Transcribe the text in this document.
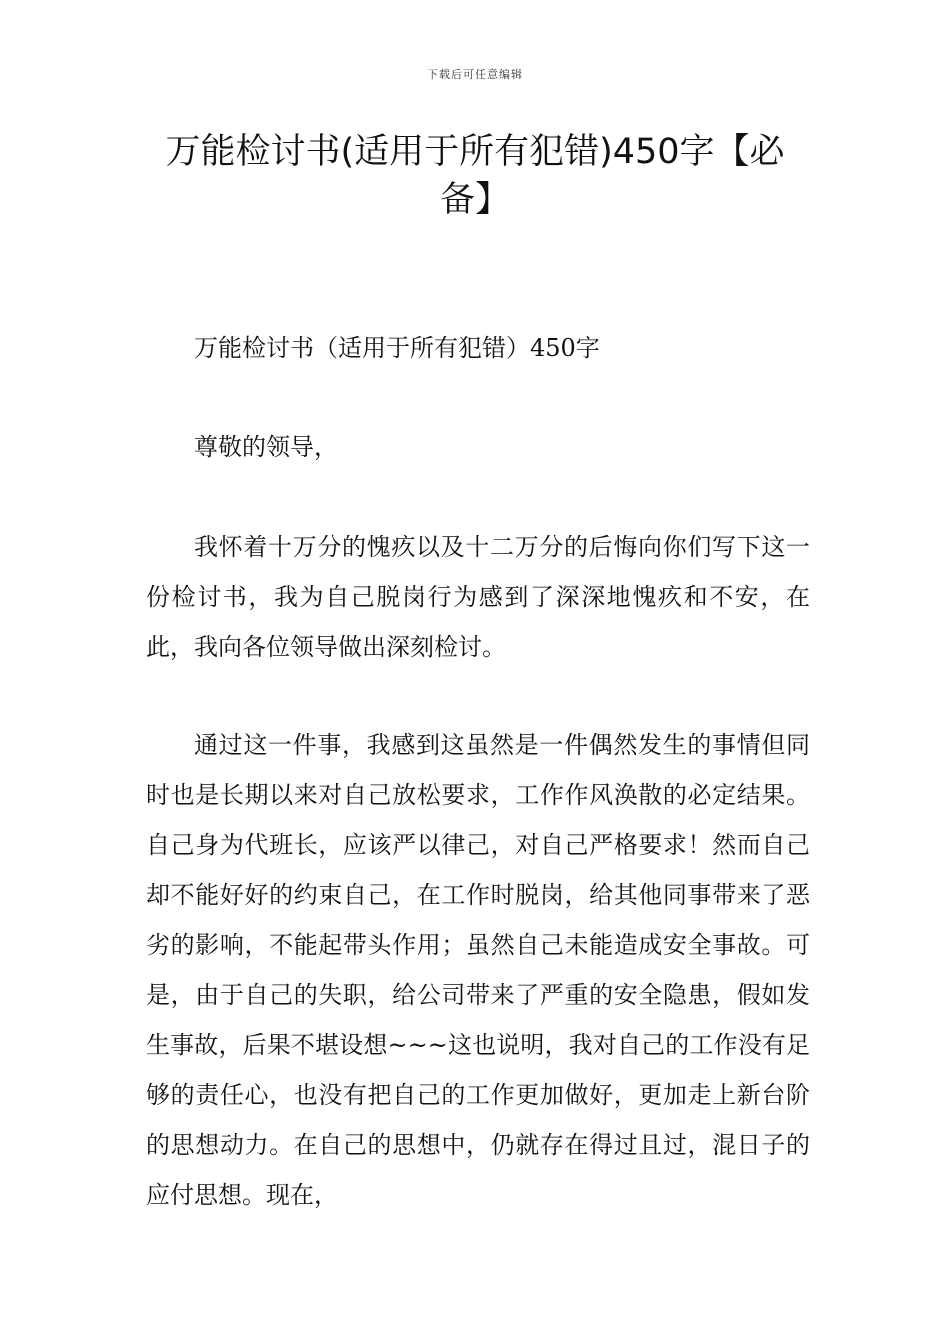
下载后可任意编辑
万能检讨书(适用于所有犯错)450字【必备】

万能检讨书（适用于所有犯错）450字

尊敬的领导，

我怀着十万分的愧疚以及十二万分的后悔向你们写下这一份检讨书，我为自己脱岗行为感到了深深地愧疚和不安，在此，我向各位领导做出深刻检讨。

通过这一件事，我感到这虽然是一件偶然发生的事情但同时也是长期以来对自己放松要求，工作作风涣散的必定结果。自己身为代班长，应该严以律己，对自己严格要求！然而自己却不能好好的约束自己，在工作时脱岗，给其他同事带来了恶劣的影响，不能起带头作用；虽然自己未能造成安全事故。可是，由于自己的失职，给公司带来了严重的安全隐患，假如发生事故，后果不堪设想~~~这也说明，我对自己的工作没有足够的责任心，也没有把自己的工作更加做好，更加走上新台阶的思想动力。在自己的思想中，仍就存在得过且过，混日子的应付思想。现在，
